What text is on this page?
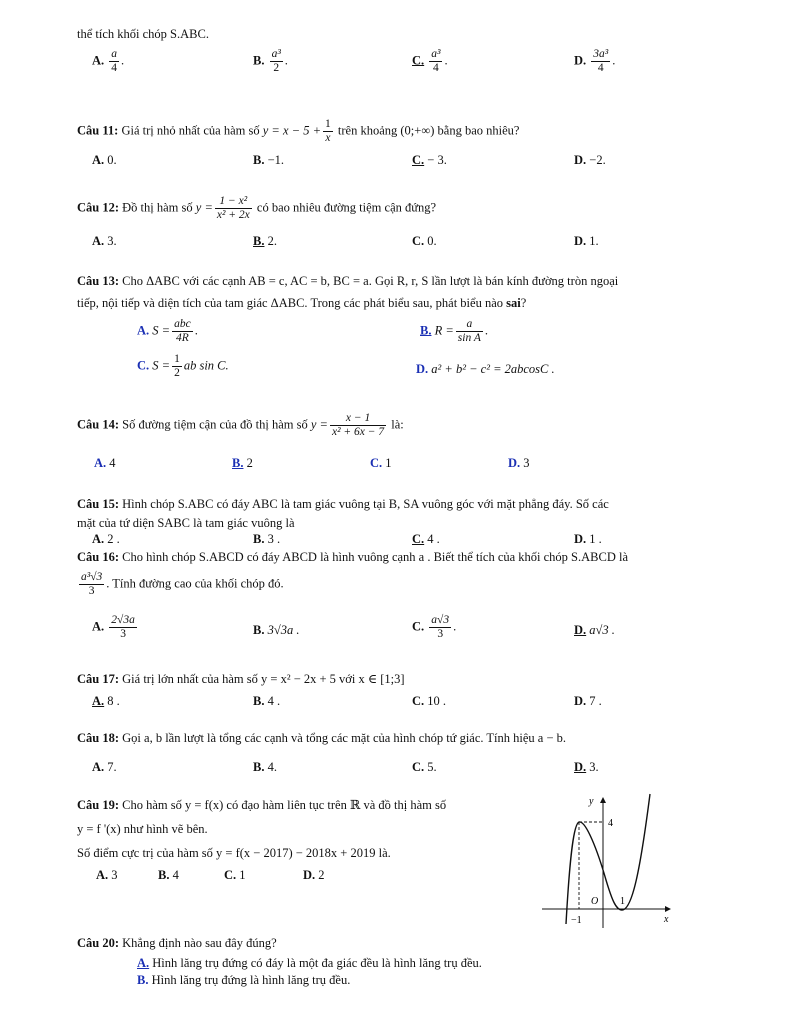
thể tích khối chóp S.ABC.
A. $\frac{a}{4}$ .	B. $\frac{\text{a³}}{2}$ .	C. $\frac{\text{a³}}{4}$ .	D. $\frac{\text{3a³}}{4}$ .
Câu 11: Giá trị nhỏ nhất của hàm số $y = x - 5 + \frac{1}{x}$ trên khoảng (0;+∞) bằng bao nhiêu?
A. 0.	B. −1.	C. − 3.	D. −2.
Câu 12: Đồ thị hàm số $y = \frac{\text{1 − x²}}{\text{x² + 2x}}$ có bao nhiêu đường tiệm cận đứng?
A. 3.	B. 2.	C. 0.	D. 1.
Câu 13: Cho ΔABC với các cạnh AB = c, AC = b, BC = a. Gọi R, r, S lần lượt là bán kính đường tròn ngoại
tiếp, nội tiếp và diện tích của tam giác ΔABC. Trong các phát biểu sau, phát biểu nào sai?
A. $S = \frac{\text{abc}}{4R}$ .	B. $R = \frac{a}{\text{sin A}}$ .
C. $S = \frac{1}{2}$ ab sin C.	D. a² + b² − c² = 2abcosC .
Câu 14: Số đường tiệm cận của đồ thị hàm số $y = \frac{x - 1}{\text{x² + 6x − 7}}$ là:
A. 4	B. 2	C. 1	D. 3
Câu 15: Hình chóp S.ABC có đáy ABC là tam giác vuông tại B, SA vuông góc với mặt phẳng đáy. Số các
mặt của tứ diện SABC là tam giác vuông là
A. 2 .	B. 3 .	C. 4 .	D. 1 .
Câu 16: Cho hình chóp S.ABCD có đáy ABCD là hình vuông cạnh a . Biết thể tích của khối chóp S.ABCD là
$\frac{\text{a³√3}}{3}$ . Tính đường cao của khối chóp đó.
A. $\frac{2√3a}{3}$	B. 3√3a .	C. $\frac{a√3}{3}$ .	D. a√3 .
Câu 17: Giá trị lớn nhất của hàm số y = x² − 2x + 5 với x ∈ [1;3]
A. 8 .	B. 4 .	C. 10 .	D. 7 .
Câu 18: Gọi a, b lần lượt là tổng các cạnh và tổng các mặt của hình chóp tứ giác. Tính hiệu a − b.
A. 7.	B. 4.	C. 5.	D. 3.
Câu 19: Cho hàm số y = f(x) có đạo hàm liên tục trên ℝ và đồ thị hàm số
y = f '(x) như hình vẽ bên.
Số điểm cực trị của hàm số y = f(x − 2017) − 2018x + 2019 là.
A. 3	B. 4	C. 1	D. 2
y
x
4
−1
1
O
Câu 20: Khẳng định nào sau đây đúng?
A. Hình lăng trụ đứng có đáy là một đa giác đều là hình lăng trụ đều.
B. Hình lăng trụ đứng là hình lăng trụ đều.
